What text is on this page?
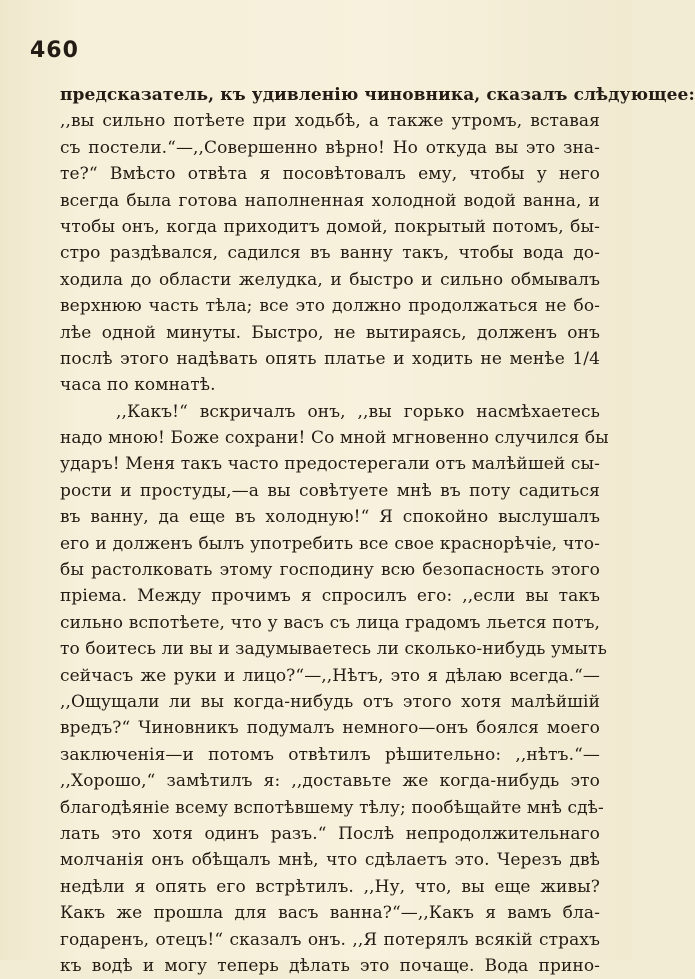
460
предсказатель, къ удивленію чиновника, сказалъ слѣдующее:
,,вы сильно потѣете при ходьбѣ, а также утромъ, вставая
съ постели.“—,,Совершенно вѣрно! Но откуда вы это зна-
те?“ Вмѣсто отвѣта я посовѣтовалъ ему, чтобы у него
всегда была готова наполненная холодной водой ванна, и
чтобы онъ, когда приходитъ домой, покрытый потомъ, бы-
стро раздѣвался, садился въ ванну такъ, чтобы вода до-
ходила до области желудка, и быстро и сильно обмывалъ
верхнюю часть тѣла; все это должно продолжаться не бо-
лѣе одной минуты. Быстро, не вытираясь, долженъ онъ
послѣ этого надѣвать опять платье и ходить не менѣе 1/4
часа по комнатѣ.
,,Какъ!“ вскричалъ онъ, ,,вы горько насмѣхаетесь
надо мною! Боже сохрани! Со мной мгновенно случился бы
ударъ! Меня такъ часто предостерегали отъ малѣйшей сы-
рости и простуды,—а вы совѣтуете мнѣ въ поту садиться
въ ванну, да еще въ холодную!“ Я спокойно выслушалъ
его и долженъ былъ употребить все свое краснорѣчіе, что-
бы растолковать этому господину всю безопасность этого
пріема. Между прочимъ я спросилъ его: ,,если вы такъ
сильно вспотѣете, что у васъ съ лица градомъ льется потъ,
то боитесь ли вы и задумываетесь ли сколько-нибудь умыть
сейчасъ же руки и лицо?“—,,Нѣтъ, это я дѣлаю всегда.“—
,,Ощущали ли вы когда-нибудь отъ этого хотя малѣйшій
вредъ?“ Чиновникъ подумалъ немного—онъ боялся моего
заключенія—и потомъ отвѣтилъ рѣшительно: ,,нѣтъ.“—
,,Хорошо,“ замѣтилъ я: ,,доставьте же когда-нибудь это
благодѣяніе всему вспотѣвшему тѣлу; пообѣщайте мнѣ сдѣ-
лать это хотя одинъ разъ.“ Послѣ непродолжительнаго
молчанія онъ обѣщалъ мнѣ, что сдѣлаетъ это. Черезъ двѣ
недѣли я опять его встрѣтилъ. ,,Ну, что, вы еще живы?
Какъ же прошла для васъ ванна?“—,,Какъ я вамъ бла-
годаренъ, отецъ!“ сказалъ онъ. ,,Я потерялъ всякій страхъ
къ водѣ и могу теперь дѣлать это почаще. Вода прино-
